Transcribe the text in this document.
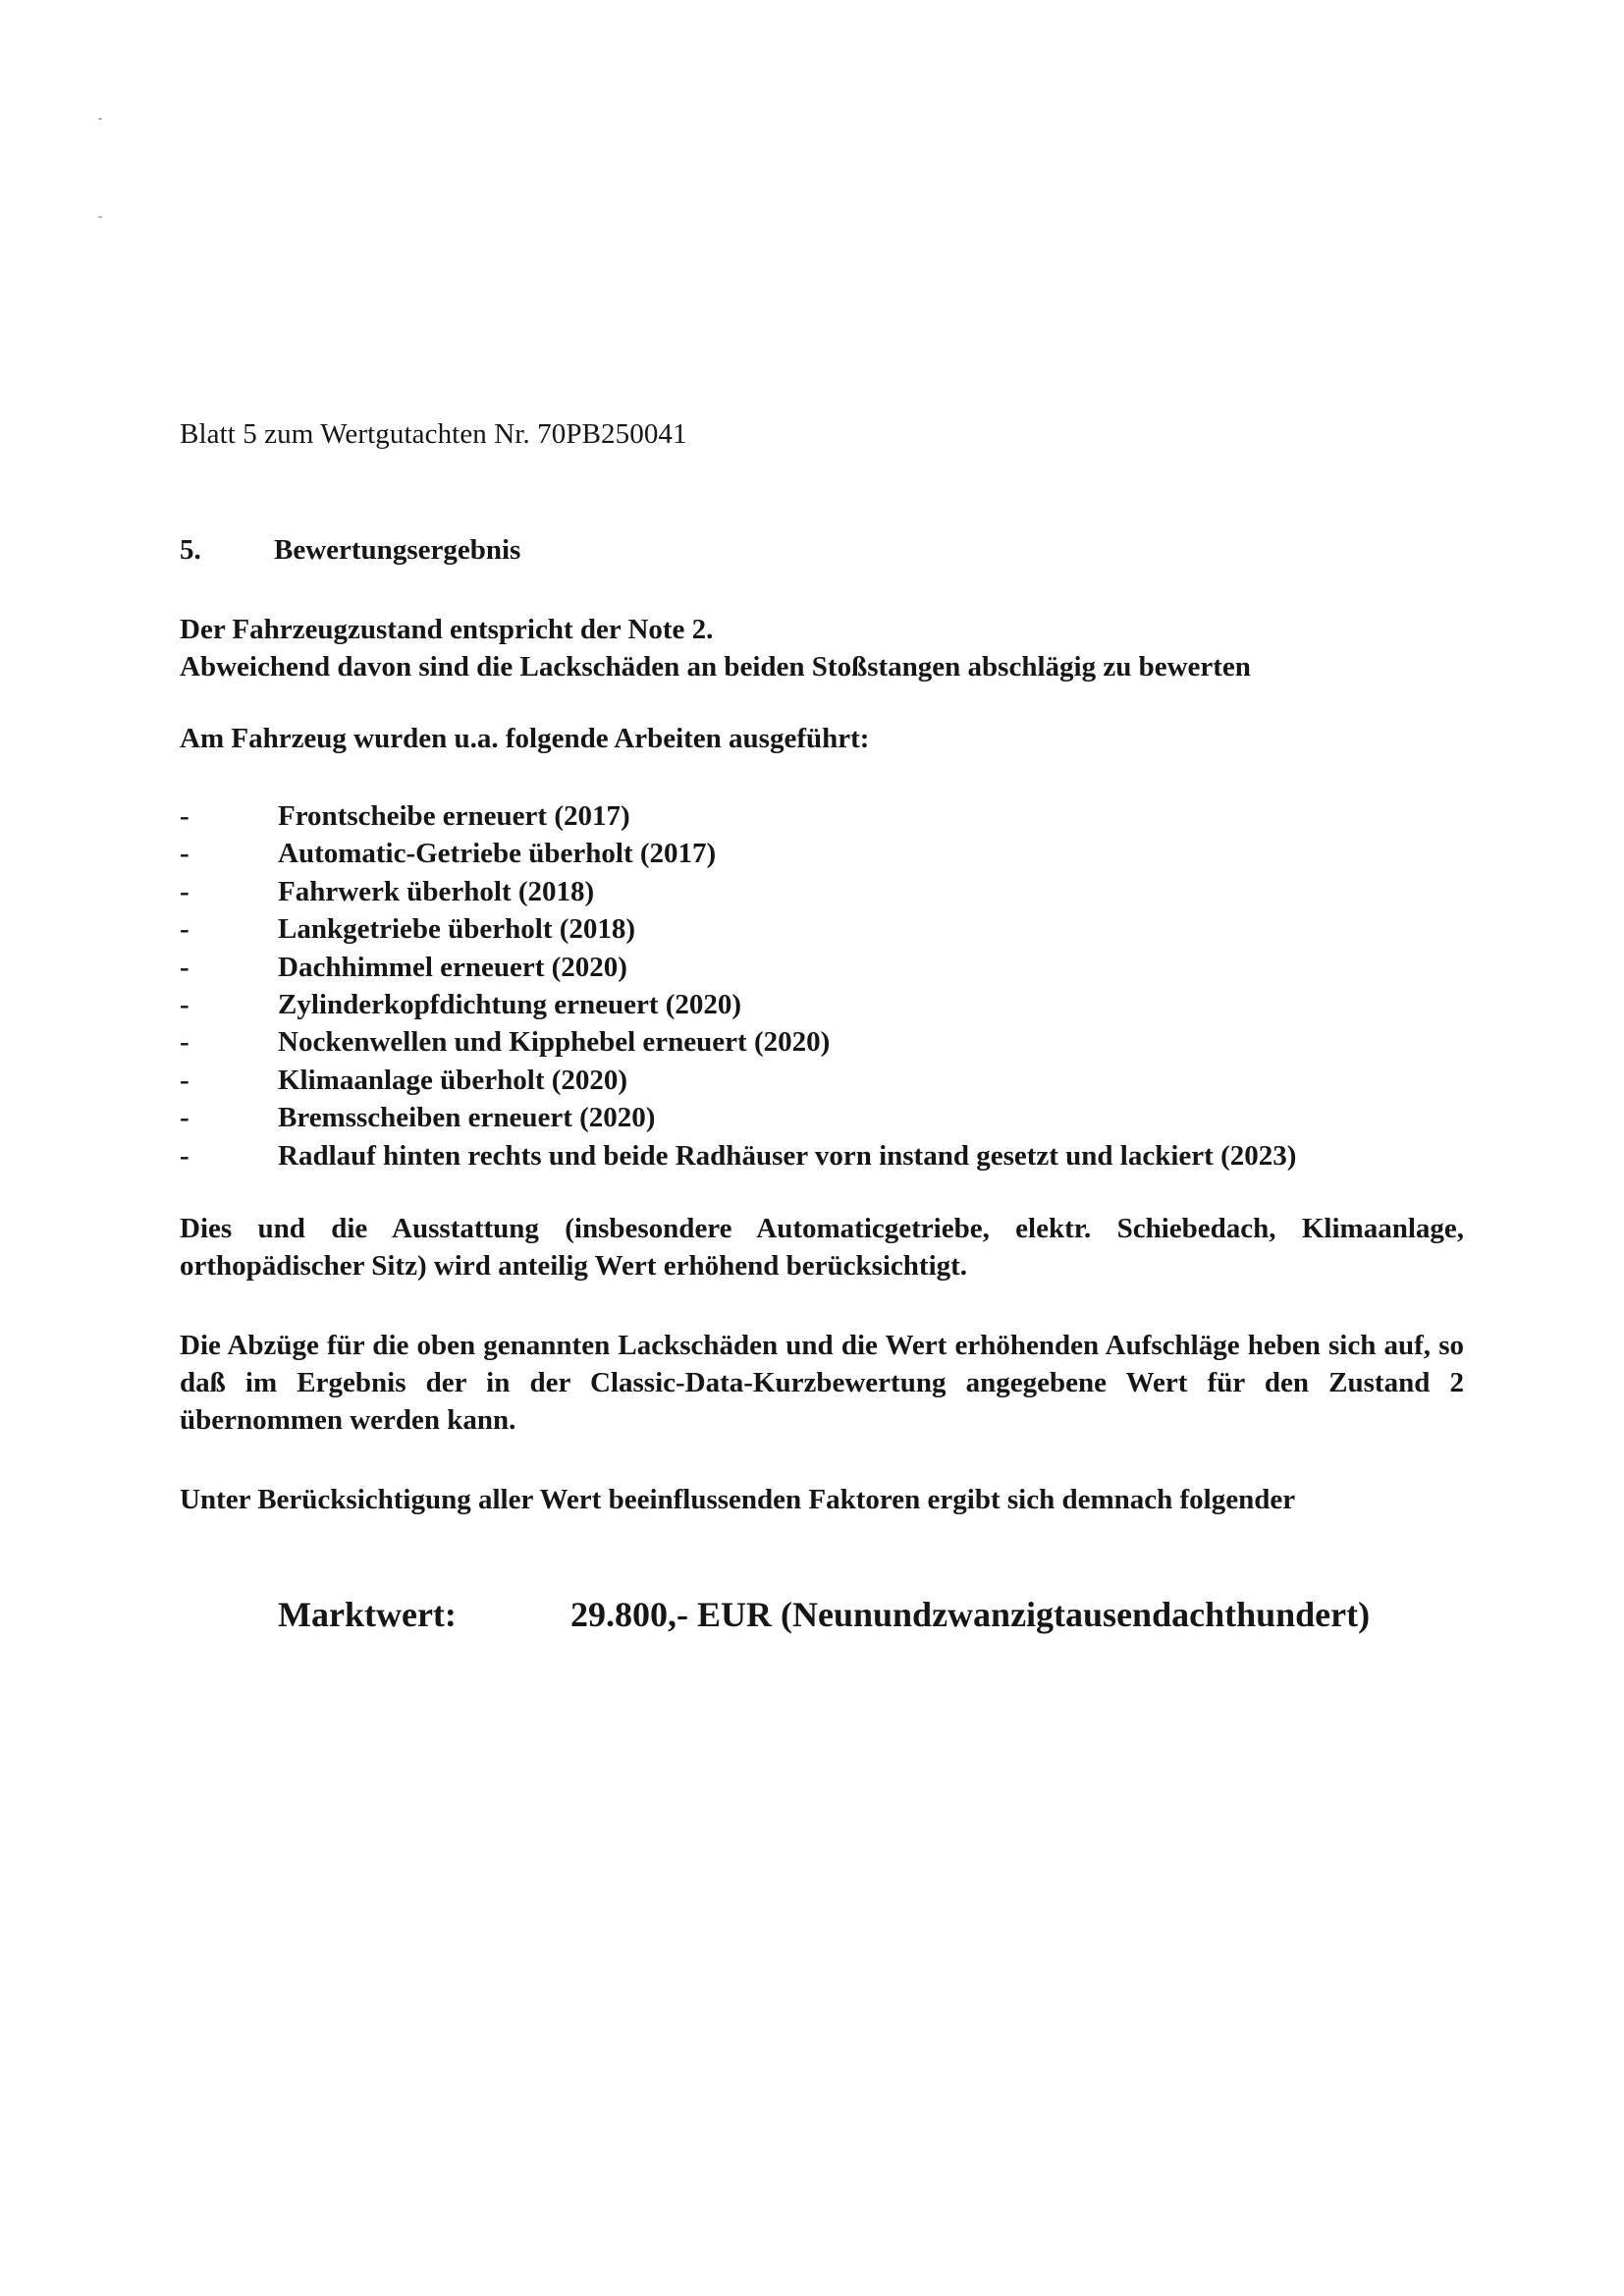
Blatt 5 zum Wertgutachten Nr. 70PB250041
5.	Bewertungsergebnis

Der Fahrzeugzustand entspricht der Note 2.

Abweichend davon sind die Lackschäden an beiden Stoßstangen abschlägig zu bewerten

Am Fahrzeug wurden u.a. folgende Arbeiten ausgeführt:
-	Frontscheibe erneuert (2017)
-	Automatic-Getriebe überholt (2017)
-	Fahrwerk überholt (2018)
-	Lankgetriebe überholt (2018)
-	Dachhimmel erneuert (2020)
-	Zylinderkopfdichtung erneuert (2020)
-	Nockenwellen und Kipphebel erneuert (2020)
-	Klimaanlage überholt (2020)
-	Bremsscheiben erneuert (2020)
-	Radlauf hinten rechts und beide Radhäuser vorn instand gesetzt und lackiert (2023)
Dies und die Ausstattung (insbesondere Automaticgetriebe, elektr. Schiebedach, Klimaanlage, orthopädischer Sitz) wird anteilig Wert erhöhend berücksichtigt.
Die Abzüge für die oben genannten Lackschäden und die Wert erhöhenden Aufschläge heben sich auf, so daß im Ergebnis der in der Classic-Data-Kurzbewertung angegebene Wert für den Zustand 2 übernommen werden kann.
Unter Berücksichtigung aller Wert beeinflussenden Faktoren ergibt sich demnach folgender
Marktwert:	29.800,- EUR (Neunundzwanzigtausendachthundert)
